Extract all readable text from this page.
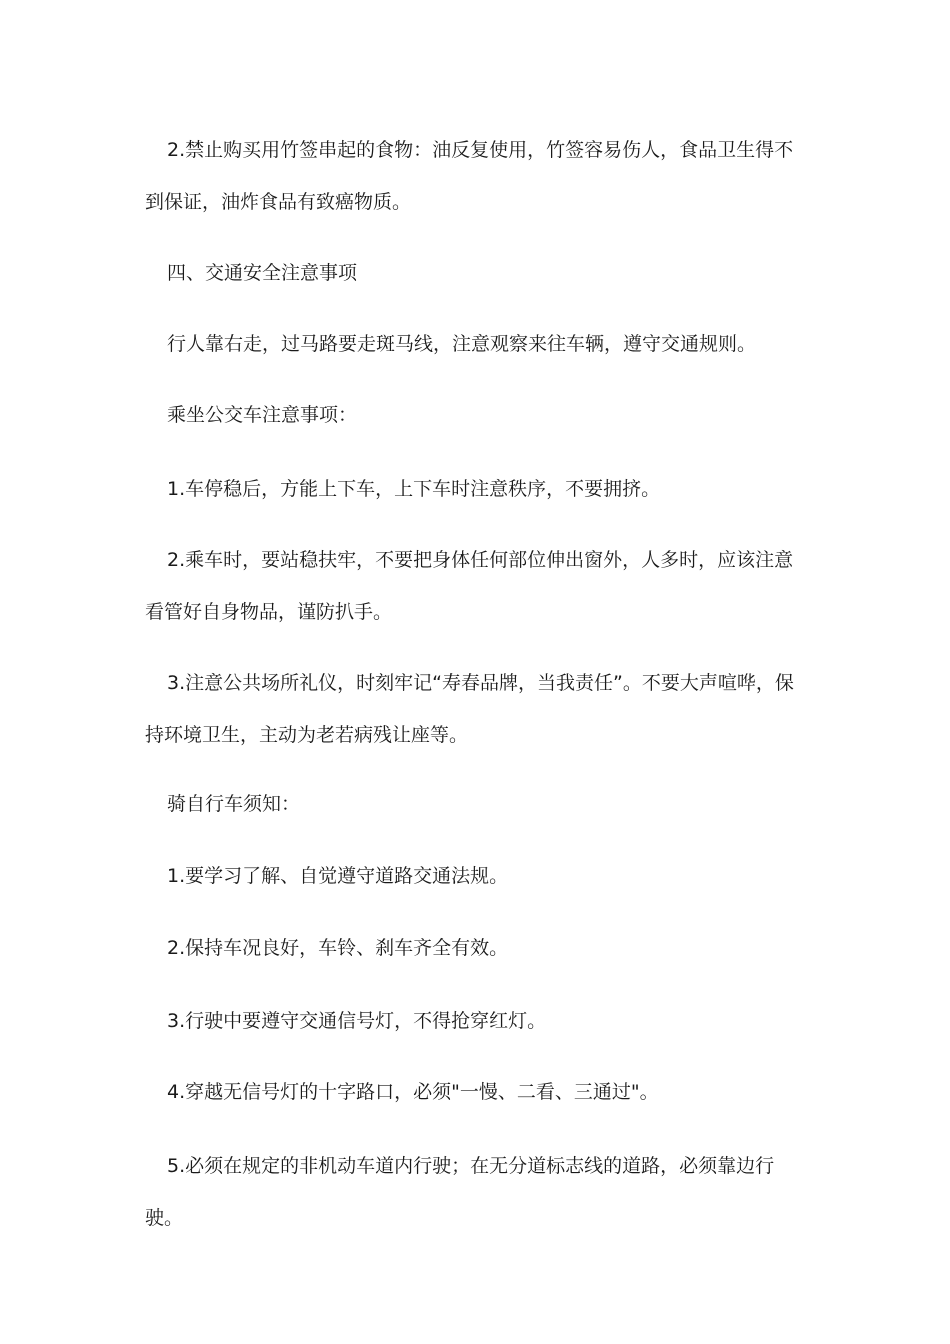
2.禁止购买用竹签串起的食物：油反复使用，竹签容易伤人，食品卫生得不到保证，油炸食品有致癌物质。

四、交通安全注意事项

行人靠右走，过马路要走斑马线，注意观察来往车辆，遵守交通规则。

乘坐公交车注意事项：

1.车停稳后，方能上下车，上下车时注意秩序，不要拥挤。

2.乘车时，要站稳扶牢，不要把身体任何部位伸出窗外，人多时，应该注意看管好自身物品，谨防扒手。

3.注意公共场所礼仪，时刻牢记“寿春品牌，当我责任”。不要大声喧哗，保持环境卫生，主动为老若病残让座等。

骑自行车须知：

1.要学习了解、自觉遵守道路交通法规。

2.保持车况良好，车铃、刹车齐全有效。

3.行驶中要遵守交通信号灯，不得抢穿红灯。

4.穿越无信号灯的十字路口，必须"一慢、二看、三通过"。

5.必须在规定的非机动车道内行驶；在无分道标志线的道路，必须靠边行驶。
